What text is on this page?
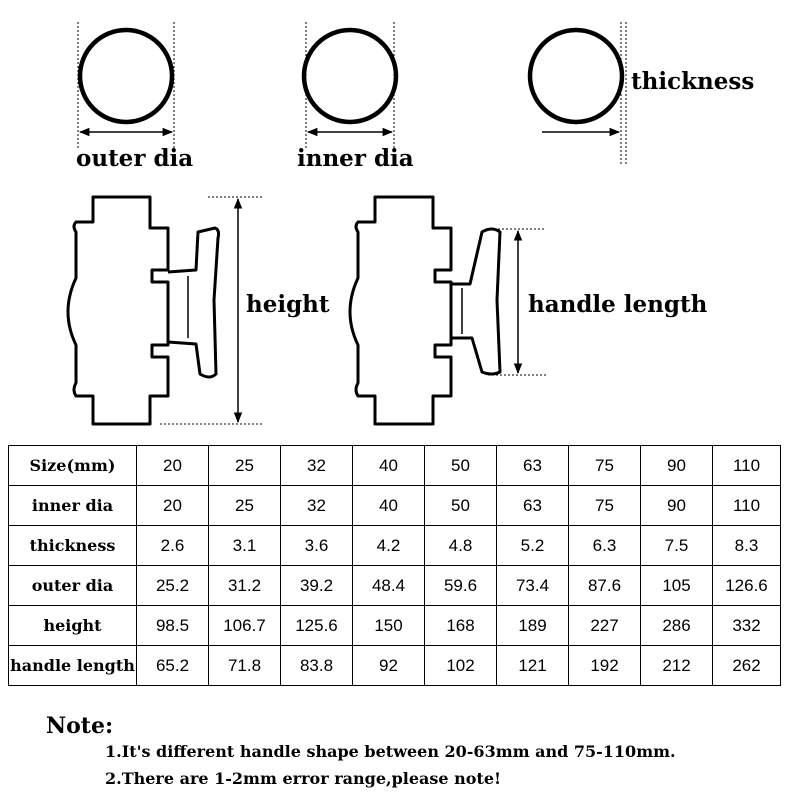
outer dia	inner dia
thickness
height	handle length
Size(mm)	20	25	32	40	50	63	75	90	110
inner dia	20	25	32	40	50	63	75	90	110
thickness	2.6	3.1	3.6	4.2	4.8	5.2	6.3	7.5	8.3
outer dia	25.2	31.2	39.2	48.4	59.6	73.4	87.6	105	126.6
height	98.5	106.7	125.6	150	168	189	227	286	332
handle length	65.2	71.8	83.8	92	102	121	192	212	262
Note:
1.It's different handle shape between 20-63mm and 75-110mm.
2.There are 1-2mm error range,please note!
